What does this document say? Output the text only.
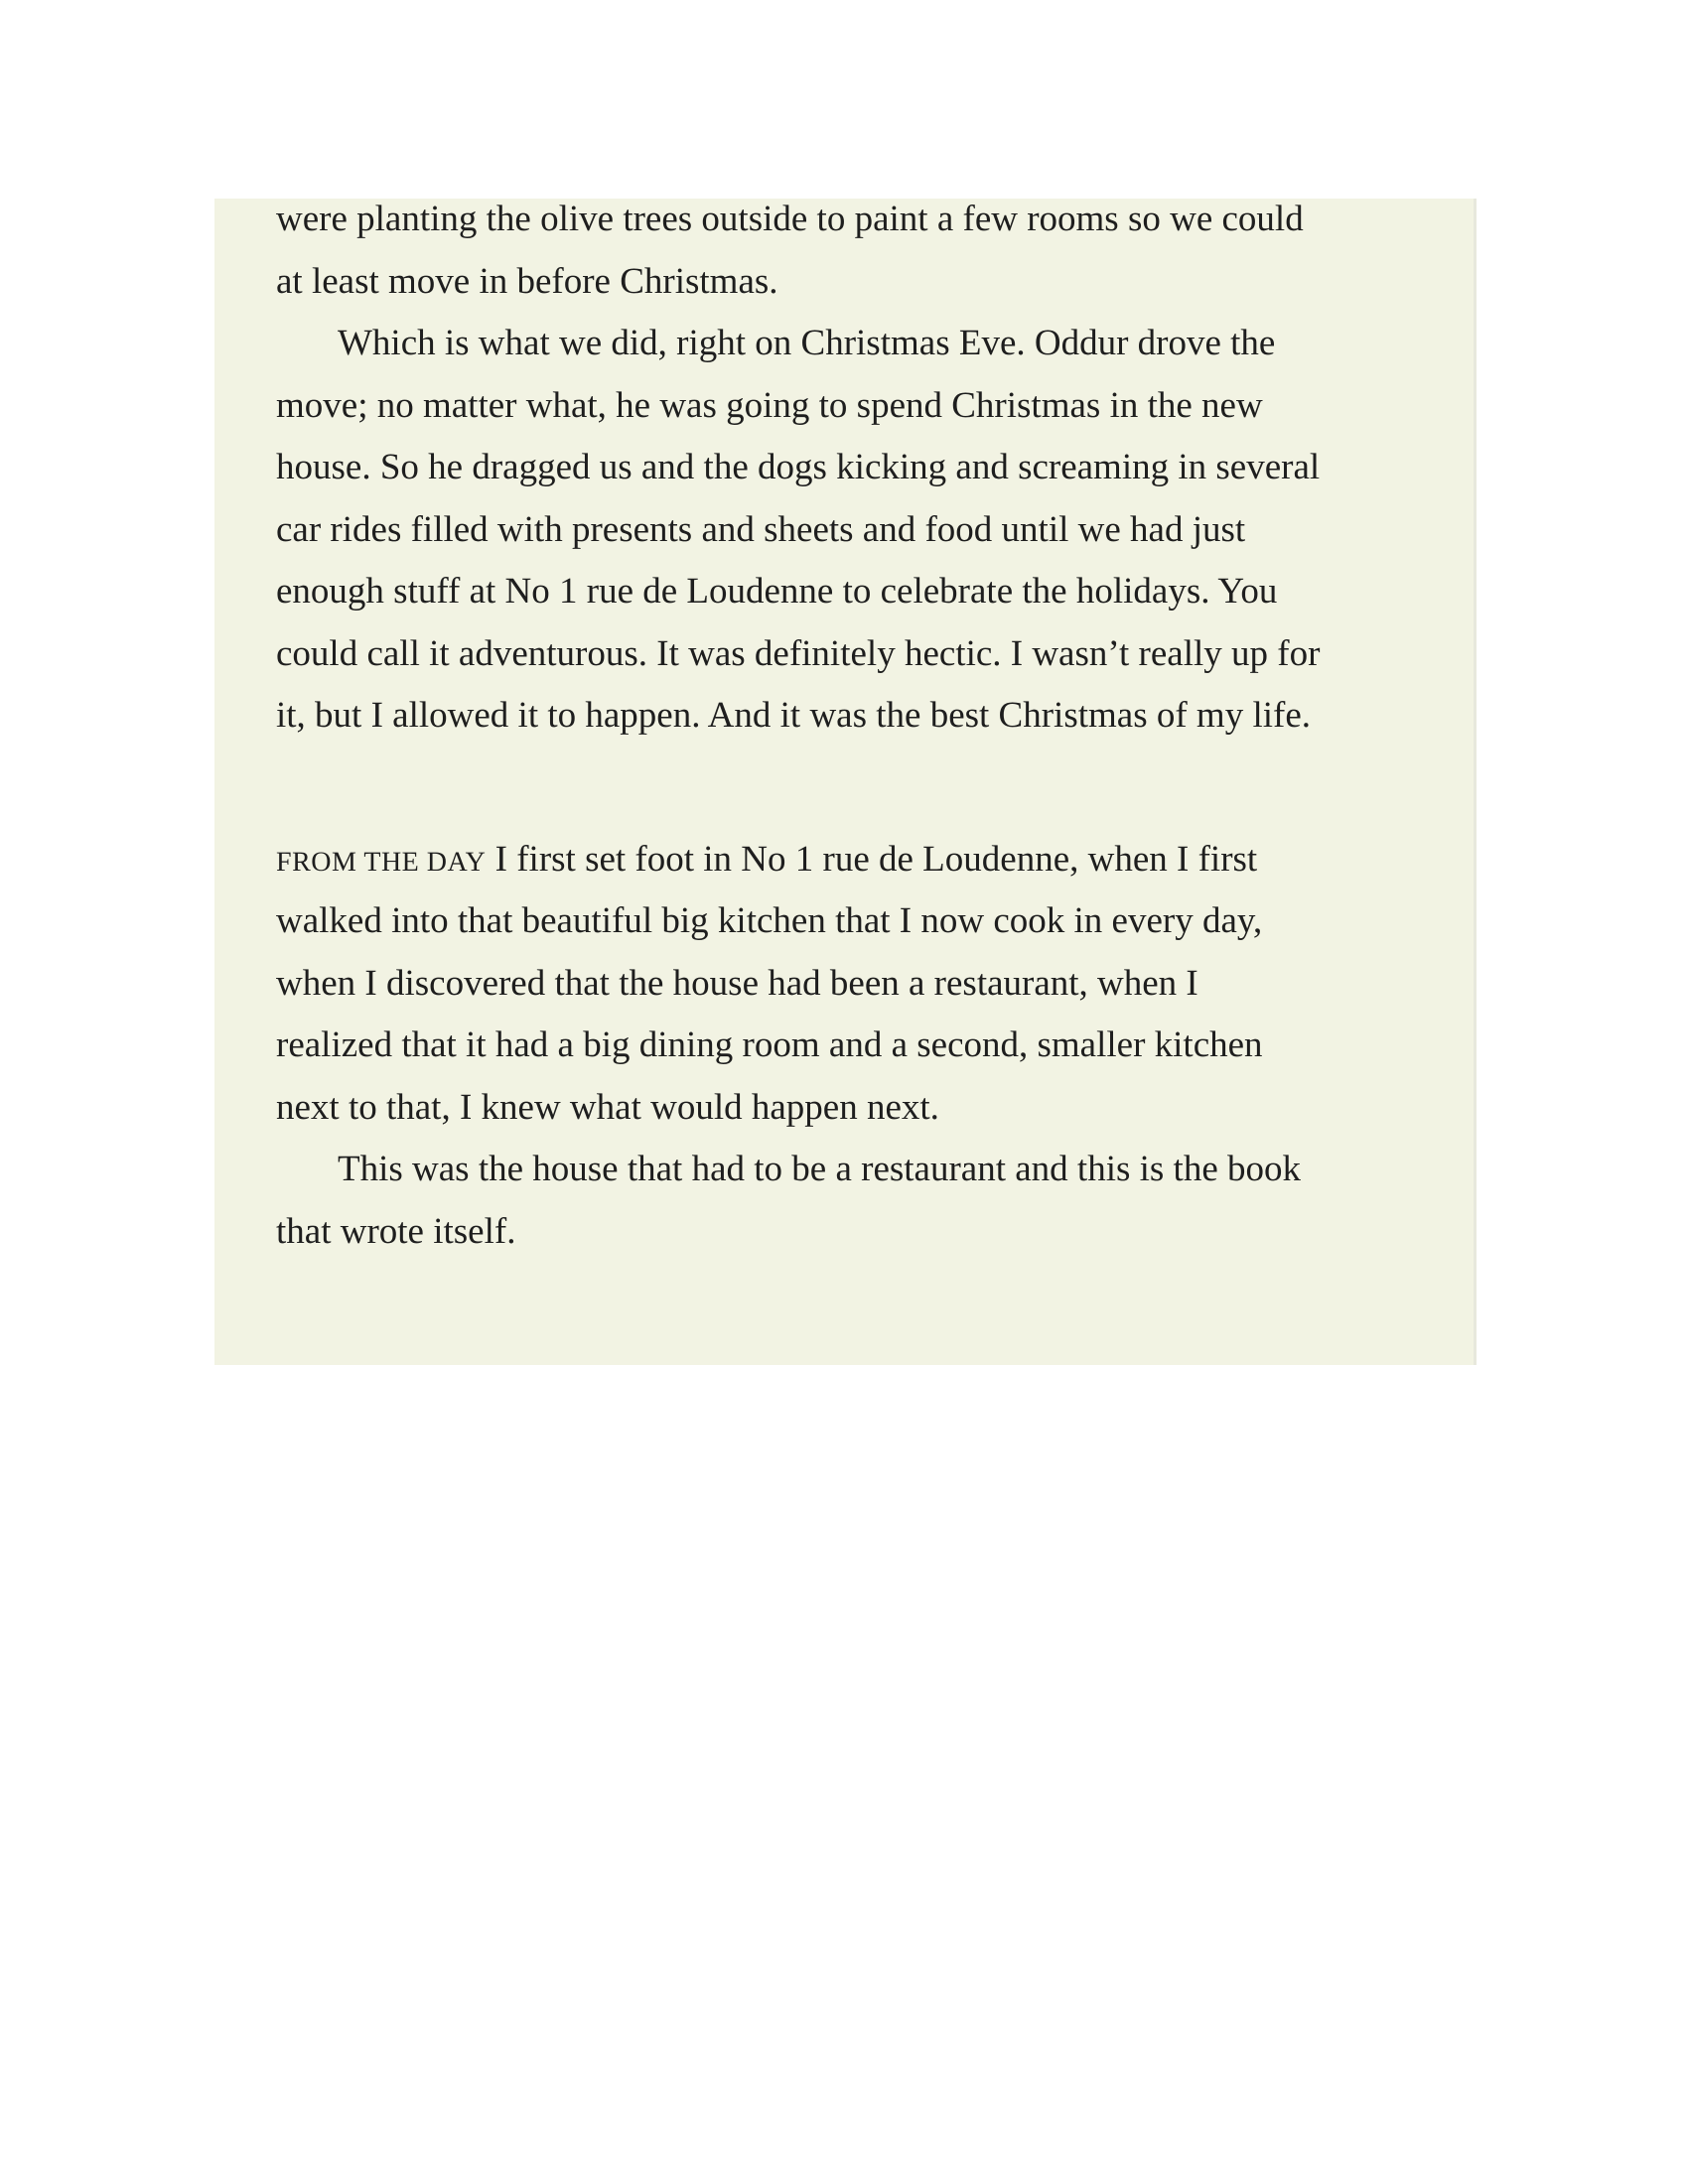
were planting the olive trees outside to paint a few rooms so we could
at least move in before Christmas.
Which is what we did, right on Christmas Eve. Oddur drove the
move; no matter what, he was going to spend Christmas in the new
house. So he dragged us and the dogs kicking and screaming in several
car rides filled with presents and sheets and food until we had just
enough stuff at No 1 rue de Loudenne to celebrate the holidays. You
could call it adventurous. It was definitely hectic. I wasn’t really up for
it, but I allowed it to happen. And it was the best Christmas of my life.
FROM THE DAY I first set foot in No 1 rue de Loudenne, when I first
walked into that beautiful big kitchen that I now cook in every day,
when I discovered that the house had been a restaurant, when I
realized that it had a big dining room and a second, smaller kitchen
next to that, I knew what would happen next.
This was the house that had to be a restaurant and this is the book
that wrote itself.
